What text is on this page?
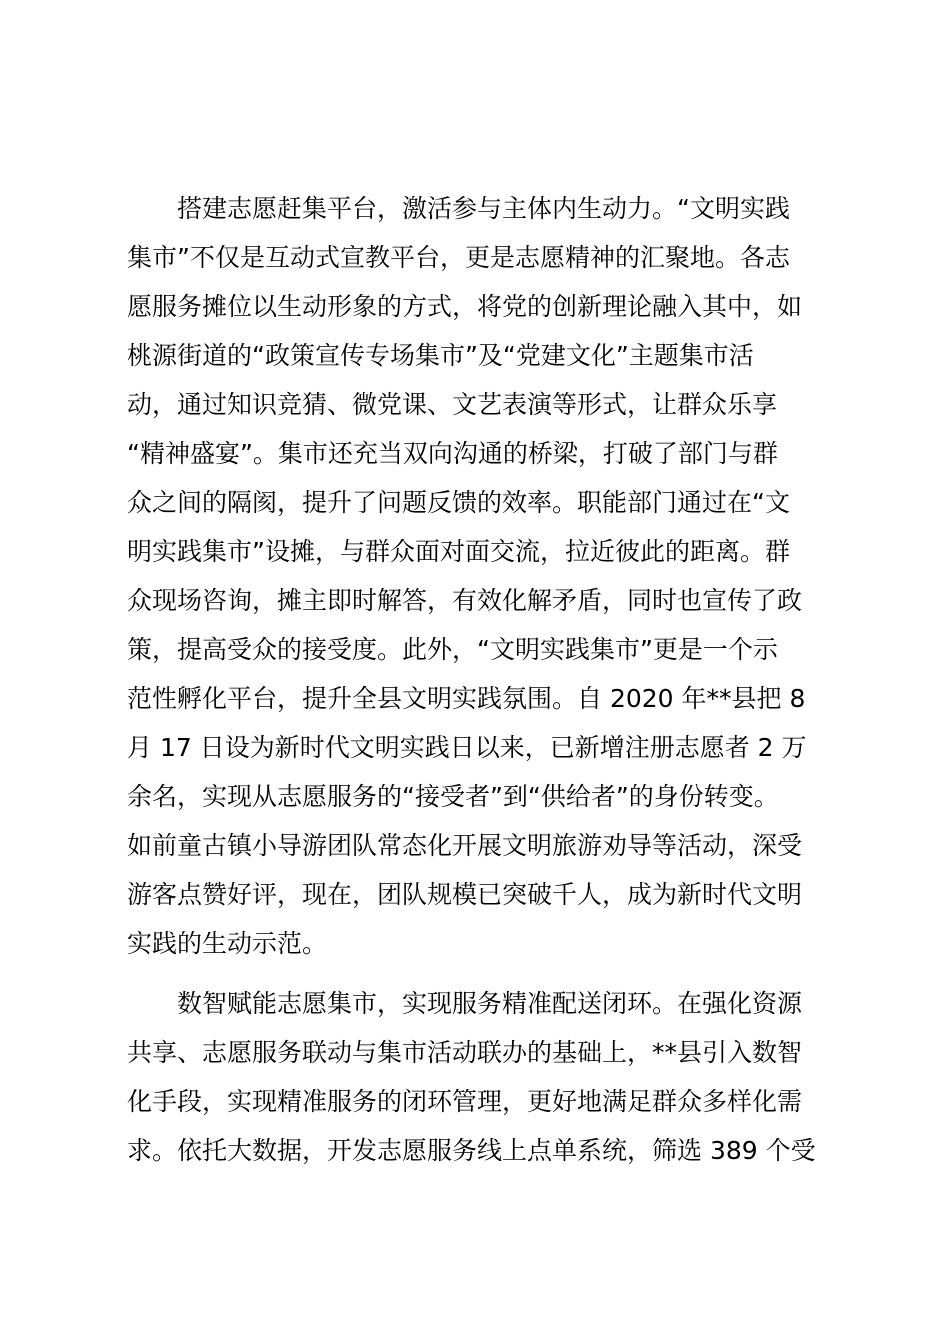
　　搭建志愿赶集平台，激活参与主体内生动力。“文明实践
集市”不仅是互动式宣教平台，更是志愿精神的汇聚地。各志
愿服务摊位以生动形象的方式，将党的创新理论融入其中，如
桃源街道的“政策宣传专场集市”及“党建文化”主题集市活
动，通过知识竞猜、微党课、文艺表演等形式，让群众乐享
“精神盛宴”。集市还充当双向沟通的桥梁，打破了部门与群
众之间的隔阂，提升了问题反馈的效率。职能部门通过在“文
明实践集市”设摊，与群众面对面交流，拉近彼此的距离。群
众现场咨询，摊主即时解答，有效化解矛盾，同时也宣传了政
策，提高受众的接受度。此外，“文明实践集市”更是一个示
范性孵化平台，提升全县文明实践氛围。自 2020 年**县把 8
月 17 日设为新时代文明实践日以来，已新增注册志愿者 2 万
余名，实现从志愿服务的“接受者”到“供给者”的身份转变。
如前童古镇小导游团队常态化开展文明旅游劝导等活动，深受
游客点赞好评，现在，团队规模已突破千人，成为新时代文明
实践的生动示范。
　　数智赋能志愿集市，实现服务精准配送闭环。在强化资源
共享、志愿服务联动与集市活动联办的基础上，**县引入数智
化手段，实现精准服务的闭环管理，更好地满足群众多样化需
求。依托大数据，开发志愿服务线上点单系统，筛选 389 个受
